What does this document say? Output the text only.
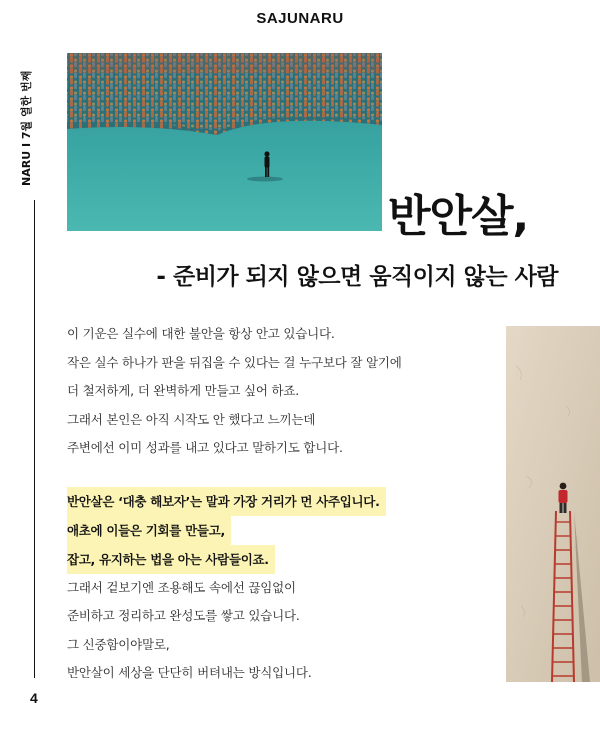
SAJUNARU
NARU I 7월 열한 번째
4
반안살,
- 준비가 되지 않으면 움직이지 않는 사람
이 기운은 실수에 대한 불안을 항상 안고 있습니다.
작은 실수 하나가 판을 뒤집을 수 있다는 걸 누구보다 잘 알기에
더 철저하게, 더 완벽하게 만들고 싶어 하죠.
그래서 본인은 아직 시작도 안 했다고 느끼는데
주변에선 이미 성과를 내고 있다고 말하기도 합니다.
반안살은 ‘대충 해보자’는 말과 가장 거리가 먼 사주입니다.
애초에 이들은 기회를 만들고,
잡고, 유지하는 법을 아는 사람들이죠.
그래서 겉보기엔 조용해도 속에선 끊임없이
준비하고 정리하고 완성도를 쌓고 있습니다.
그 신중함이야말로,
반안살이 세상을 단단히 버텨내는 방식입니다.
